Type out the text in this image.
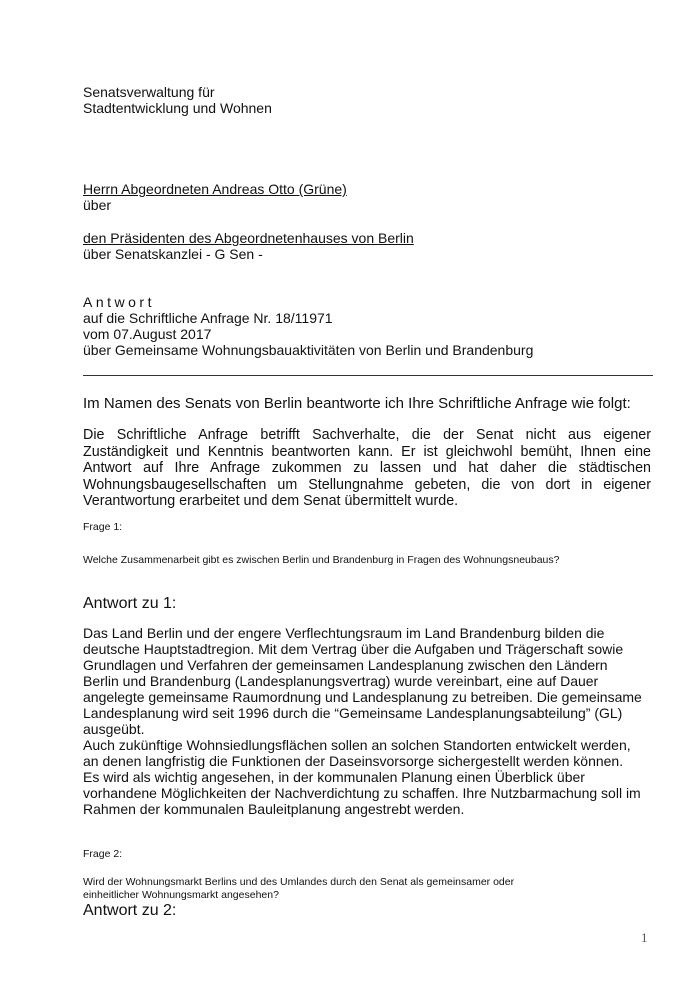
Senatsverwaltung für
Stadtentwicklung und Wohnen
Herrn Abgeordneten Andreas Otto (Grüne)
über
den Präsidenten des Abgeordnetenhauses von Berlin
über Senatskanzlei - G Sen -
Antwort
auf die Schriftliche Anfrage Nr. 18/11971
vom 07.August 2017
über Gemeinsame Wohnungsbauaktivitäten von Berlin und Brandenburg
Im Namen des Senats von Berlin beantworte ich Ihre Schriftliche Anfrage wie folgt:
Die Schriftliche Anfrage betrifft Sachverhalte, die der Senat nicht aus eigener Zuständigkeit und Kenntnis beantworten kann. Er ist gleichwohl bemüht, Ihnen eine Antwort auf Ihre Anfrage zukommen zu lassen und hat daher die städtischen Wohnungsbaugesellschaften um Stellungnahme gebeten, die von dort in eigener Verantwortung erarbeitet und dem Senat übermittelt wurde.
Frage 1:
Welche Zusammenarbeit gibt es zwischen Berlin und Brandenburg in Fragen des Wohnungsneubaus?
Antwort zu 1:
Das Land Berlin und der engere Verflechtungsraum im Land Brandenburg bilden die
deutsche Hauptstadtregion. Mit dem Vertrag über die Aufgaben und Trägerschaft sowie
Grundlagen und Verfahren der gemeinsamen Landesplanung zwischen den Ländern
Berlin und Brandenburg (Landesplanungsvertrag) wurde vereinbart, eine auf Dauer
angelegte gemeinsame Raumordnung und Landesplanung zu betreiben. Die gemeinsame
Landesplanung wird seit 1996 durch die “Gemeinsame Landesplanungsabteilung” (GL)
ausgeübt.
Auch zukünftige Wohnsiedlungsflächen sollen an solchen Standorten entwickelt werden,
an denen langfristig die Funktionen der Daseinsvorsorge sichergestellt werden können.
Es wird als wichtig angesehen, in der kommunalen Planung einen Überblick über
vorhandene Möglichkeiten der Nachverdichtung zu schaffen. Ihre Nutzbarmachung soll im
Rahmen der kommunalen Bauleitplanung angestrebt werden.
Frage 2:
Wird der Wohnungsmarkt Berlins und des Umlandes durch den Senat als gemeinsamer oder
einheitlicher Wohnungsmarkt angesehen?
Antwort zu 2:
1
